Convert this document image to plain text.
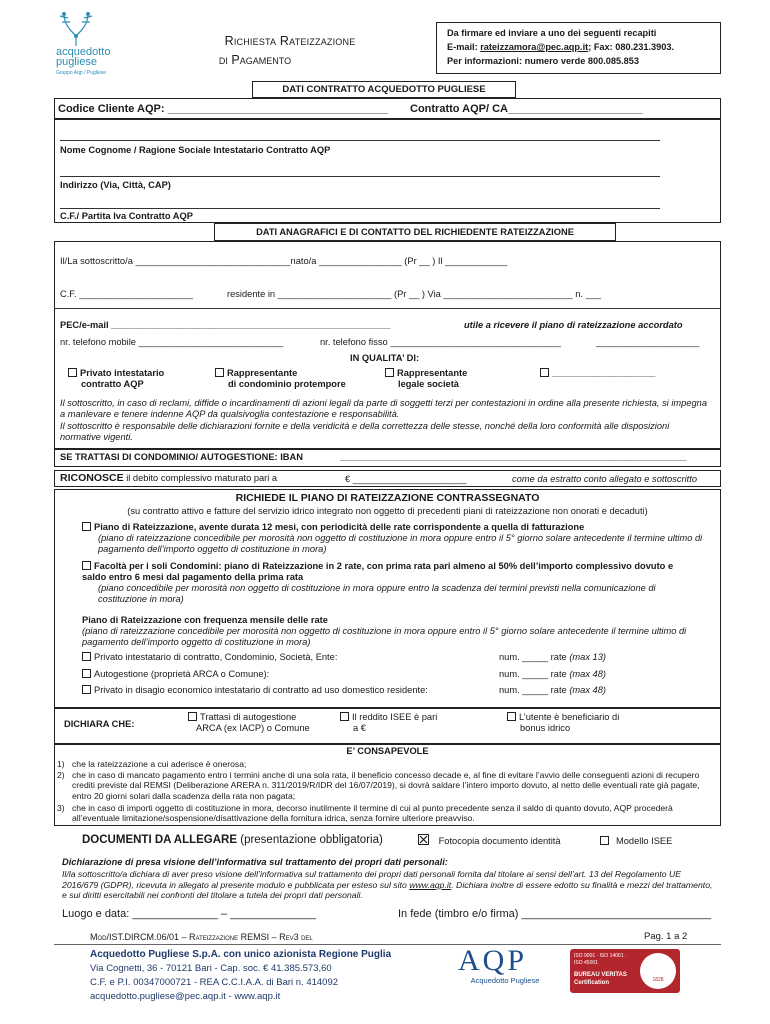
acquedotto
pugliese
Gruppo Aqp / Pugliese
Richiesta Rateizzazione
di Pagamento
Da firmare ed inviare a uno dei seguenti recapiti
E-mail: rateizzamora@pec.aqp.it; Fax: 080.231.3903.
Per informazioni: numero verde 800.085.853
DATI CONTRATTO ACQUEDOTTO PUGLIESE
Codice Cliente AQP: ____________________________________ Contratto AQP/ CA______________________
Nome Cognome / Ragione Sociale Intestatario Contratto AQP
Indirizzo (Via, Città, CAP)
C.F./ Partita Iva Contratto AQP
DATI ANAGRAFICI E DI CONTATTO DEL RICHIEDENTE RATEIZZAZIONE
Il/La sottoscritto/a ______________________________nato/a ________________ (Pr __ ) Il ____________
C.F. ______________________	residente in ______________________ (Pr __ ) Via _________________________ n. ___
PEC/e-mail ______________________________________________________	utile a ricevere il piano di rateizzazione accordato
nr. telefono mobile ____________________________	nr. telefono fisso _________________________________	____________________
IN QUALITA’ DI:
Privato intestatario
contratto AQP
Rappresentante
di condominio protempore
Rappresentante
legale società
____________________
Il sottoscritto, in caso di reclami, diffide o incardinamenti di azioni legali da parte di soggetti terzi per contestazioni in ordine alla presente richiesta, si impegna a manlevare e tenere indenne AQP da qualsivoglia contestazione e responsabilità.
Il sottoscritto è responsabile delle dichiarazioni fornite e della veridicità e della correttezza delle stesse, nonché della loro conformità alle disposizioni normative vigenti.
SE TRATTASI DI CONDOMINIO/ AUTOGESTIONE: IBAN	___________________________________________________________________
RICONOSCE il debito complessivo maturato pari a	€ ______________________	come da estratto conto allegato e sottoscritto
RICHIEDE IL PIANO DI RATEIZZAZIONE CONTRASSEGNATO
(su contratto attivo e fatture del servizio idrico integrato non oggetto di precedenti piani di rateizzazione non onorati e decaduti)
Piano di Rateizzazione, avente durata 12 mesi, con periodicità delle rate corrispondente a quella di fatturazione
(piano di rateizzazione concedibile per morosità non oggetto di costituzione in mora oppure entro il 5° giorno solare antecedente il termine ultimo di pagamento dell’importo oggetto di costituzione in mora)
Facoltà per i soli Condomini: piano di Rateizzazione in 2 rate, con prima rata pari almeno al 50% dell’importo complessivo dovuto e saldo entro 6 mesi dal pagamento della prima rata
(piano concedibile per morosità non oggetto di costituzione in mora oppure entro la scadenza dei termini previsti nella comunicazione di costituzione in mora)
Piano di Rateizzazione con frequenza mensile delle rate
(piano di rateizzazione concedibile per morosità non oggetto di costituzione in mora oppure entro il 5° giorno solare antecedente il termine ultimo di pagamento dell’importo oggetto di costituzione in mora)
Privato intestatario di contratto, Condominio, Società, Ente:	num. _____ rate (max 13)
Autogestione (proprietà ARCA o Comune):	num. _____ rate (max 48)
Privato in disagio economico intestatario di contratto ad uso domestico residente:	num. _____ rate (max 48)
DICHIARA CHE:
Trattasi di autogestione
ARCA (ex IACP) o Comune
Il reddito ISEE è pari
a €
L’utente è beneficiario di
bonus idrico
E’ CONSAPEVOLE
1) che la rateizzazione a cui aderisce è onerosa;
2) che in caso di mancato pagamento entro i termini anche di una sola rata, il beneficio concesso decade e, al fine di evitare l’avvio delle conseguenti azioni di recupero crediti previste dal REMSI (Deliberazione ARERA n. 311/2019/R/IDR del 16/07/2019), si dovrà saldare l’intero importo dovuto, al netto delle eventuali rate già pagate, entro 20 giorni solari dalla scadenza della rata non pagata;
3) che in caso di importi oggetto di costituzione in mora, decorso inutilmente il termine di cui al punto precedente senza il saldo di quanto dovuto, AQP procederà all’eventuale limitazione/sospensione/disattivazione della fornitura idrica, senza fornire ulteriore preavviso.
DOCUMENTI DA ALLEGARE (presentazione obbligatoria)	Fotocopia documento identità	Modello ISEE
Dichiarazione di presa visione dell’informativa sul trattamento dei propri dati personali:
Il/la sottoscritto/a dichiara di aver preso visione dell’informativa sul trattamento dei propri dati personali fornita dal titolare ai sensi dell’art. 13 del Regolamento UE 2016/679 (GDPR), ricevuta in allegato al presente modulo e pubblicata per esteso sul sito www.aqp.it. Dichiara inoltre di essere edotto su finalità e mezzi del trattamento, e sui diritti esercitabili nei confronti del titolare a tutela dei propri dati personali.
Luogo e data: ______________ – ______________	In fede (timbro e/o firma) _______________________________
Mod/IST.DIRCM.06/01 – Rateizzazione REMSI – Rev3 del	Pag. 1 a 2
Acquedotto Pugliese S.p.A. con unico azionista Regione Puglia
Via Cognetti, 36 - 70121 Bari - Cap. soc. € 41.385.573,60
C.F. e P.I. 00347000721 - REA C.C.I.A.A. di Bari n. 414092
acquedotto.pugliese@pec.aqp.it - www.aqp.it
AQP
Acquedotto Pugliese
ISO 9001 · ISO 14001 · ISO 45001
BUREAU VERITAS Certification	1828
